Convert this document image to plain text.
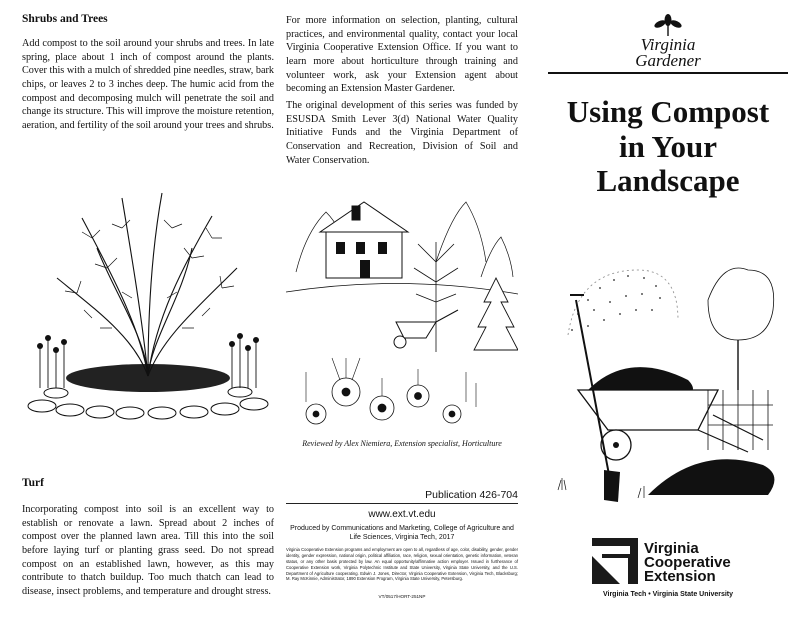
Shrubs and Trees

Add compost to the soil around your shrubs and trees. In late spring, place about 1 inch of compost around the plants. Cover this with a mulch of shredded pine needles, straw, bark chips, or leaves 2 to 3 inches deep. The humic acid from the compost and decomposing mulch will penetrate the soil and change its structure. This will improve the moisture retention, aeration, and fertility of the soil around your trees and shrubs.

Turf

Incorporating compost into soil is an excellent way to establish or renovate a lawn. Spread about 2 inches of compost over the planned lawn area. Till this into the soil before laying turf or planting grass seed. Do not spread compost on an established lawn, however, as this may contribute to thatch buildup. Too much thatch can lead to disease, insect problems, and temperature and drought stress.

For more information on selection, planting, cultural practices, and environmental quality, contact your local Virginia Cooperative Extension Office. If you want to learn more about horticulture through training and volunteer work, ask your Extension agent about becoming an Extension Master Gardener.

The original development of this series was funded by ESUSDA Smith Lever 3(d) National Water Quality Initiative Funds and the Virginia Department of Conservation and Recreation, Division of Soil and Water Conservation.

Reviewed by Alex Niemiera, Extension specialist, Horticulture
Publication 426-704
www.ext.vt.edu
Produced by Communications and Marketing, College of Agriculture and Life Sciences, Virginia Tech, 2017
Virginia Cooperative Extension programs and employment are open to all, regardless of age, color, disability, gender, gender identity, gender expression, national origin, political affiliation, race, religion, sexual orientation, genetic information, veteran status, or any other basis protected by law. An equal opportunity/affirmative action employer. Issued in furtherance of Cooperative Extension work, Virginia Polytechnic Institute and State University, Virginia State University, and the U.S. Department of Agriculture cooperating. Edwin J. Jones, Director, Virginia Cooperative Extension, Virginia Tech, Blacksburg; M. Ray McKinnie, Administrator, 1890 Extension Program, Virginia State University, Petersburg.
VT/0517/HORT-251NP
Virginia
Gardener
Using Compost
in Your
Landscape
Virginia
Cooperative
Extension
Virginia Tech • Virginia State University
